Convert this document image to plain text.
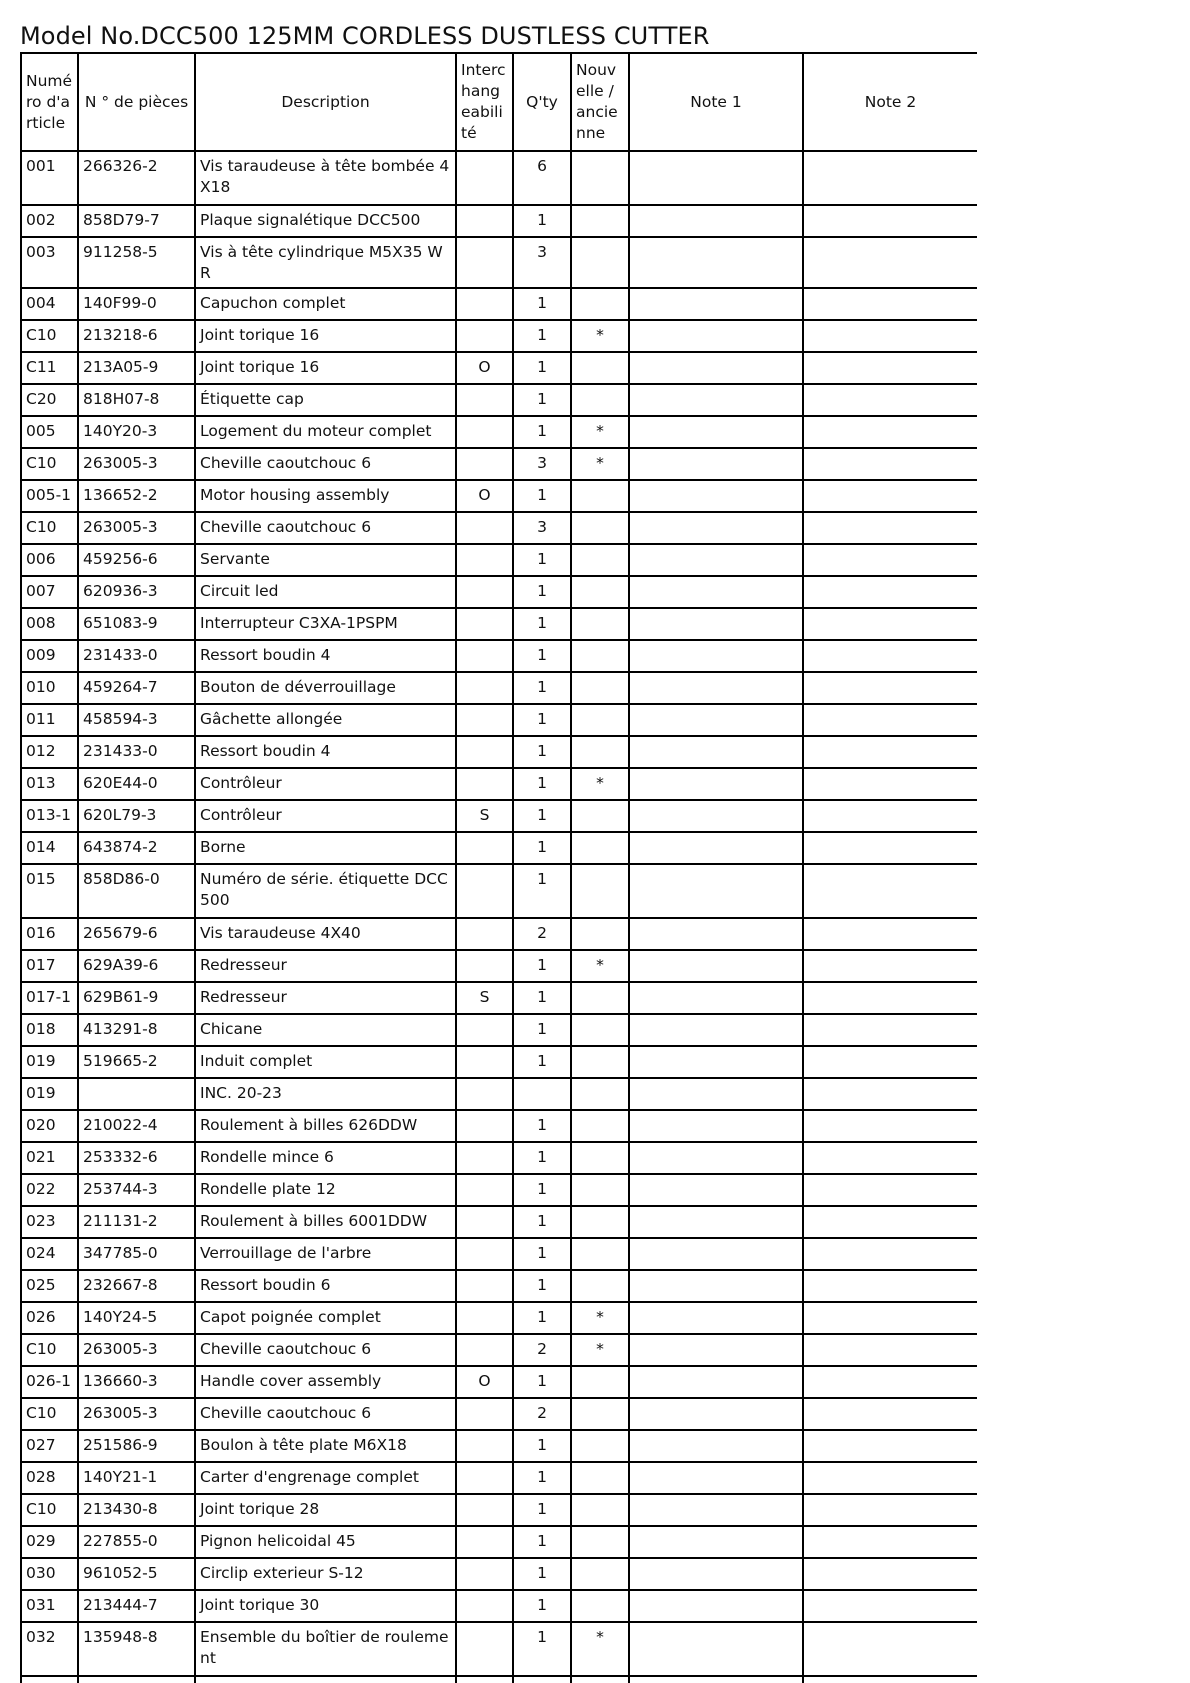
Model No.DCC500 125MM CORDLESS DUSTLESS CUTTER
Numéro d'article	N ° de pièces	Description	Interchangeabilité	Q'ty	Nouvelle / ancienne	Note 1	Note 2
001	266326-2	Vis taraudeuse à tête bombée 4X18		6			
002	858D79-7	Plaque signalétique DCC500		1			
003	911258-5	Vis à tête cylindrique M5X35 WR		3			
004	140F99-0	Capuchon complet		1			
C10	213218-6	Joint torique 16		1	*		
C11	213A05-9	Joint torique 16	O	1			
C20	818H07-8	Étiquette cap		1			
005	140Y20-3	Logement du moteur complet		1	*		
C10	263005-3	Cheville caoutchouc 6		3	*		
005-1	136652-2	Motor housing assembly	O	1			
C10	263005-3	Cheville caoutchouc 6		3			
006	459256-6	Servante		1			
007	620936-3	Circuit led		1			
008	651083-9	Interrupteur C3XA-1PSPM		1			
009	231433-0	Ressort boudin 4		1			
010	459264-7	Bouton de déverrouillage		1			
011	458594-3	Gâchette allongée		1			
012	231433-0	Ressort boudin 4		1			
013	620E44-0	Contrôleur		1	*		
013-1	620L79-3	Contrôleur	S	1			
014	643874-2	Borne		1			
015	858D86-0	Numéro de série. étiquette DCC500		1			
016	265679-6	Vis taraudeuse 4X40		2			
017	629A39-6	Redresseur		1	*		
017-1	629B61-9	Redresseur	S	1			
018	413291-8	Chicane		1			
019	519665-2	Induit complet		1			
019		INC. 20-23					
020	210022-4	Roulement à billes 626DDW		1			
021	253332-6	Rondelle mince 6		1			
022	253744-3	Rondelle plate 12		1			
023	211131-2	Roulement à billes 6001DDW		1			
024	347785-0	Verrouillage de l'arbre		1			
025	232667-8	Ressort boudin 6		1			
026	140Y24-5	Capot poignée complet		1	*		
C10	263005-3	Cheville caoutchouc 6		2	*		
026-1	136660-3	Handle cover assembly	O	1			
C10	263005-3	Cheville caoutchouc 6		2			
027	251586-9	Boulon à tête plate M6X18		1			
028	140Y21-1	Carter d'engrenage complet		1			
C10	213430-8	Joint torique 28		1			
029	227855-0	Pignon helicoidal 45		1			
030	961052-5	Circlip exterieur S-12		1			
031	213444-7	Joint torique 30		1			
032	135948-8	Ensemble du boîtier de roulement		1	*		
